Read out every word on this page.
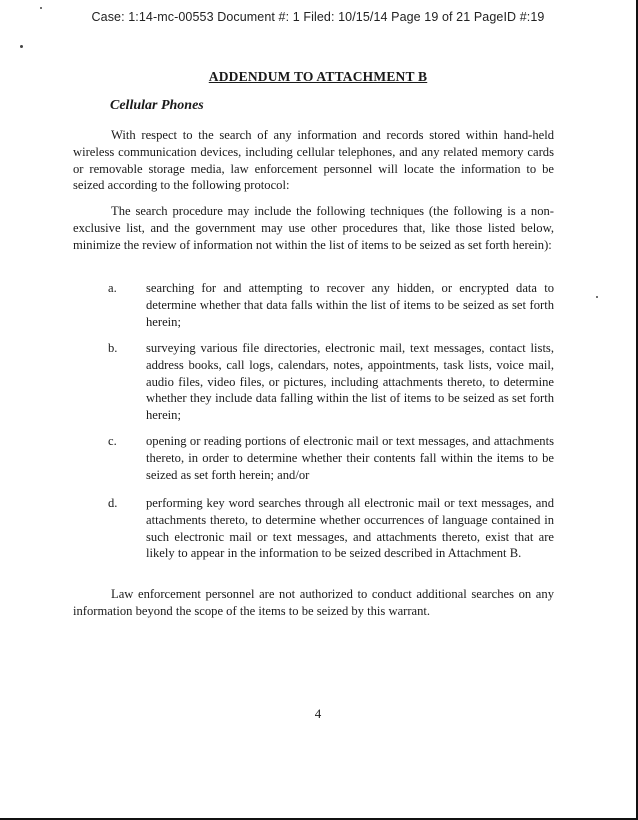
Case: 1:14-mc-00553 Document #: 1 Filed: 10/15/14 Page 19 of 21 PageID #:19
ADDENDUM TO ATTACHMENT B
Cellular Phones
With respect to the search of any information and records stored within hand-held wireless communication devices, including cellular telephones, and any related memory cards or removable storage media, law enforcement personnel will locate the information to be seized according to the following protocol:
The search procedure may include the following techniques (the following is a non-exclusive list, and the government may use other procedures that, like those listed below, minimize the review of information not within the list of items to be seized as set forth herein):
a. searching for and attempting to recover any hidden, or encrypted data to determine whether that data falls within the list of items to be seized as set forth herein;
b. surveying various file directories, electronic mail, text messages, contact lists, address books, call logs, calendars, notes, appointments, task lists, voice mail, audio files, video files, or pictures, including attachments thereto, to determine whether they include data falling within the list of items to be seized as set forth herein;
c. opening or reading portions of electronic mail or text messages, and attachments thereto, in order to determine whether their contents fall within the items to be seized as set forth herein; and/or
d. performing key word searches through all electronic mail or text messages, and attachments thereto, to determine whether occurrences of language contained in such electronic mail or text messages, and attachments thereto, exist that are likely to appear in the information to be seized described in Attachment B.
Law enforcement personnel are not authorized to conduct additional searches on any information beyond the scope of the items to be seized by this warrant.
4
